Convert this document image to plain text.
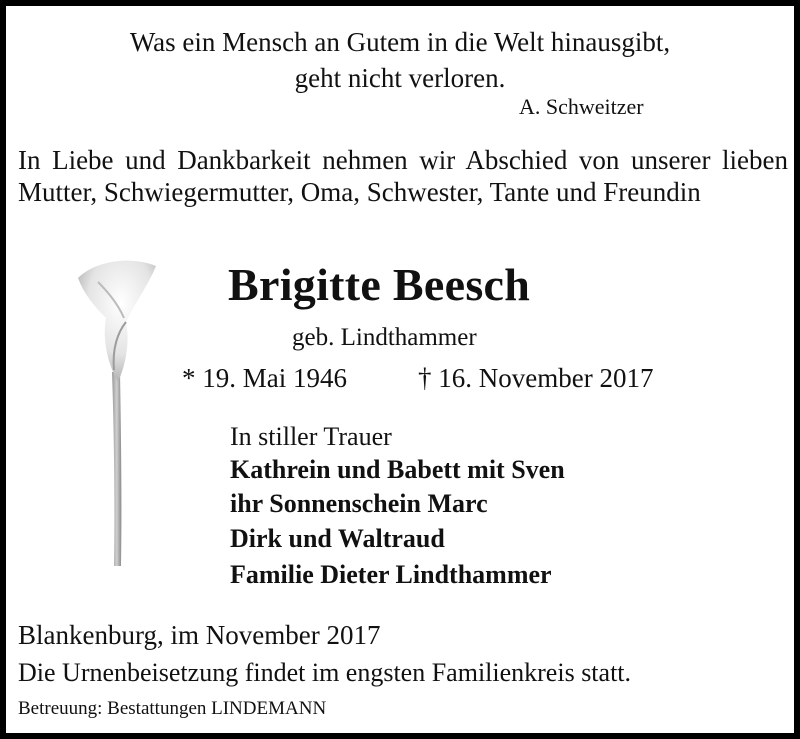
Was ein Mensch an Gutem in die Welt hinausgibt,
geht nicht verloren.
A. Schweitzer
In Liebe und Dankbarkeit nehmen wir Abschied von unserer lieben Mutter, Schwiegermutter, Oma, Schwester, Tante und Freundin
Brigitte Beesch
geb. Lindthammer
* 19. Mai 1946	† 16. November 2017
In stiller Trauer
Kathrein und Babett mit Sven
ihr Sonnenschein Marc
Dirk und Waltraud
Familie Dieter Lindthammer
Blankenburg, im November 2017
Die Urnenbeisetzung findet im engsten Familienkreis statt.
Betreuung: Bestattungen LINDEMANN
